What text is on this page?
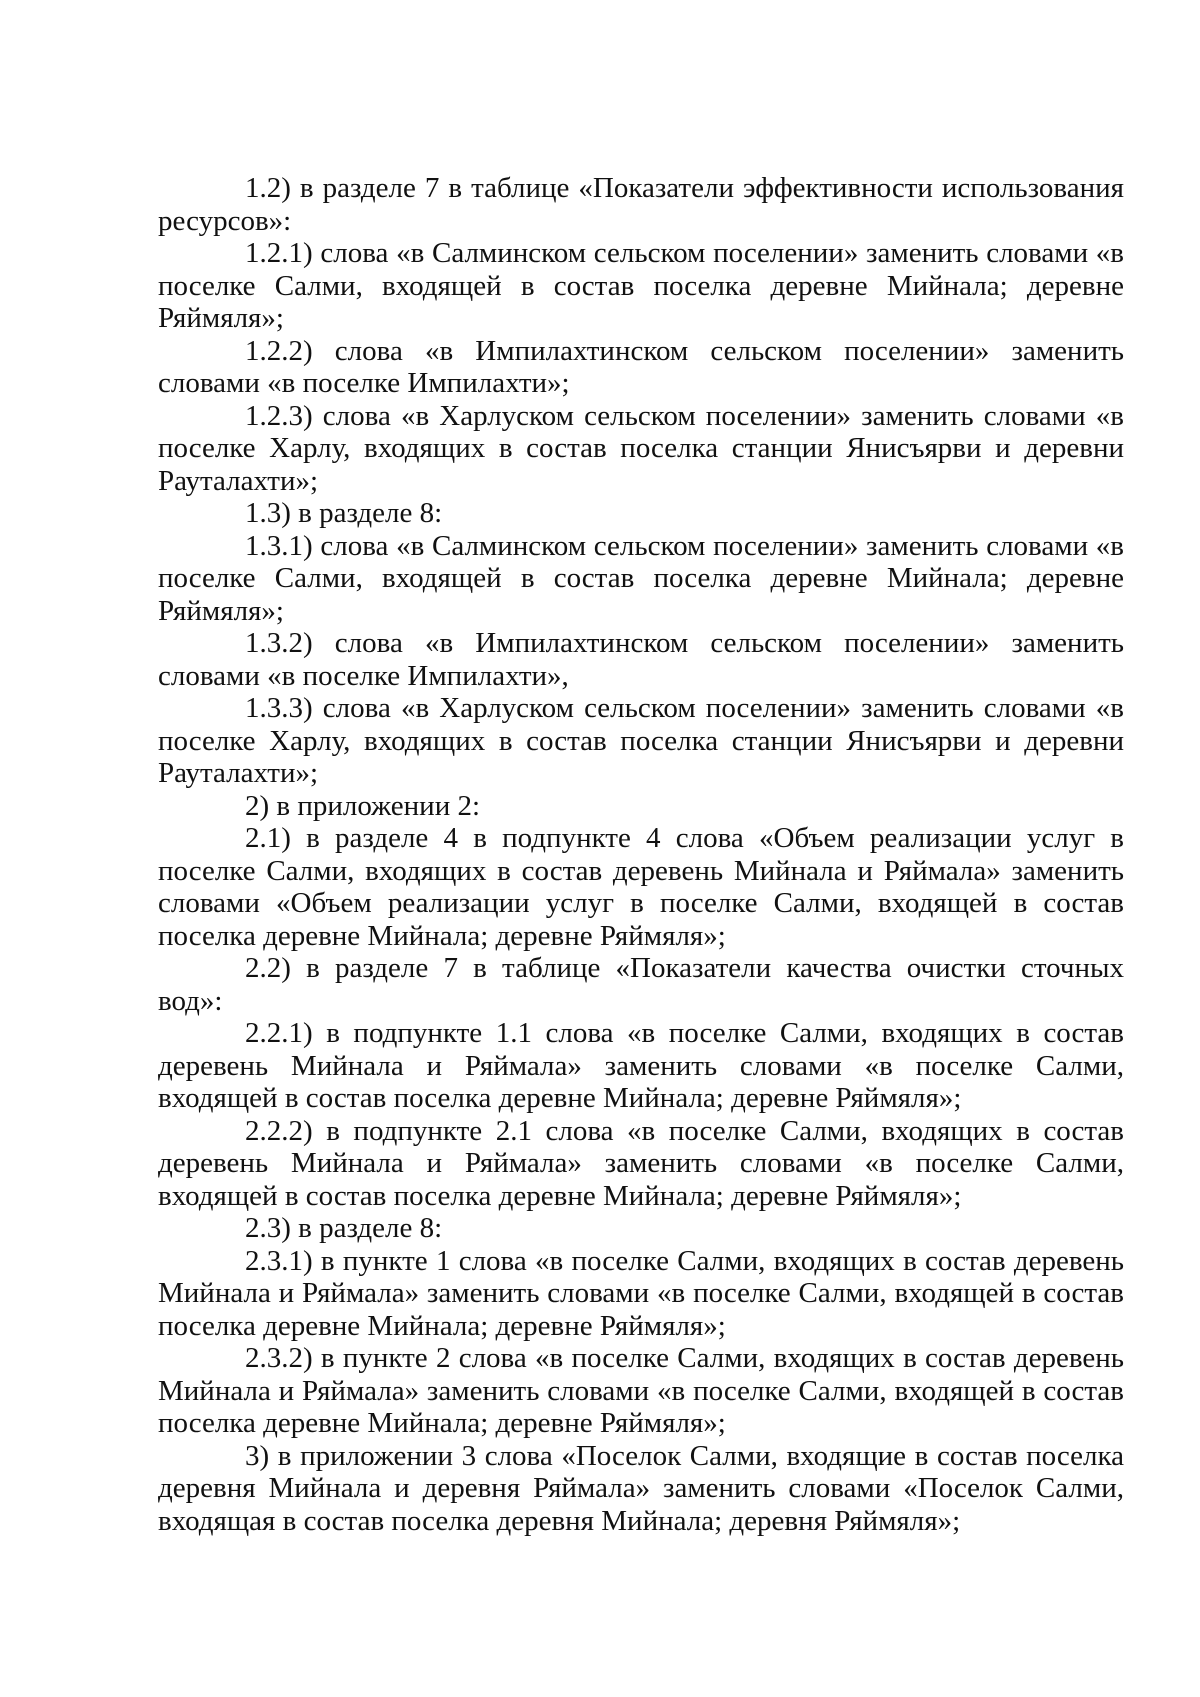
1.2) в разделе 7 в таблице «Показатели эффективности использования ресурсов»:

1.2.1) слова «в Салминском сельском поселении» заменить словами «в поселке Салми, входящей в состав поселка деревне Мийнала; деревне Ряймяля»;

1.2.2) слова «в Импилахтинском сельском поселении» заменить словами «в поселке Импилахти»;

1.2.3) слова «в Харлуском сельском поселении» заменить словами «в поселке Харлу, входящих в состав поселка станции Янисъярви и деревни Рауталахти»;

1.3) в разделе 8:

1.3.1) слова «в Салминском сельском поселении» заменить словами «в поселке Салми, входящей в состав поселка деревне Мийнала; деревне Ряймяля»;

1.3.2) слова «в Импилахтинском сельском поселении» заменить словами «в поселке Импилахти»,

1.3.3) слова «в Харлуском сельском поселении» заменить словами «в поселке Харлу, входящих в состав поселка станции Янисъярви и деревни Рауталахти»;

2) в приложении 2:

2.1) в разделе 4 в подпункте 4 слова «Объем реализации услуг в поселке Салми, входящих в состав деревень Мийнала и Ряймала» заменить словами «Объем реализации услуг в поселке Салми, входящей в состав поселка деревне Мийнала; деревне Ряймяля»;

2.2) в разделе 7 в таблице «Показатели качества очистки сточных вод»:

2.2.1) в подпункте 1.1 слова «в поселке Салми, входящих в состав деревень Мийнала и Ряймала» заменить словами «в поселке Салми, входящей в состав поселка деревне Мийнала; деревне Ряймяля»;

2.2.2) в подпункте 2.1 слова «в поселке Салми, входящих в состав деревень Мийнала и Ряймала» заменить словами «в поселке Салми, входящей в состав поселка деревне Мийнала; деревне Ряймяля»;

2.3) в разделе 8:

2.3.1) в пункте 1 слова «в поселке Салми, входящих в состав деревень Мийнала и Ряймала» заменить словами «в поселке Салми, входящей в состав поселка деревне Мийнала; деревне Ряймяля»;

2.3.2) в пункте 2 слова «в поселке Салми, входящих в состав деревень Мийнала и Ряймала» заменить словами «в поселке Салми, входящей в состав поселка деревне Мийнала; деревне Ряймяля»;

3) в приложении 3 слова «Поселок Салми, входящие в состав поселка деревня Мийнала и деревня Ряймала» заменить словами «Поселок Салми, входящая в состав поселка деревня Мийнала; деревня Ряймяля»;
